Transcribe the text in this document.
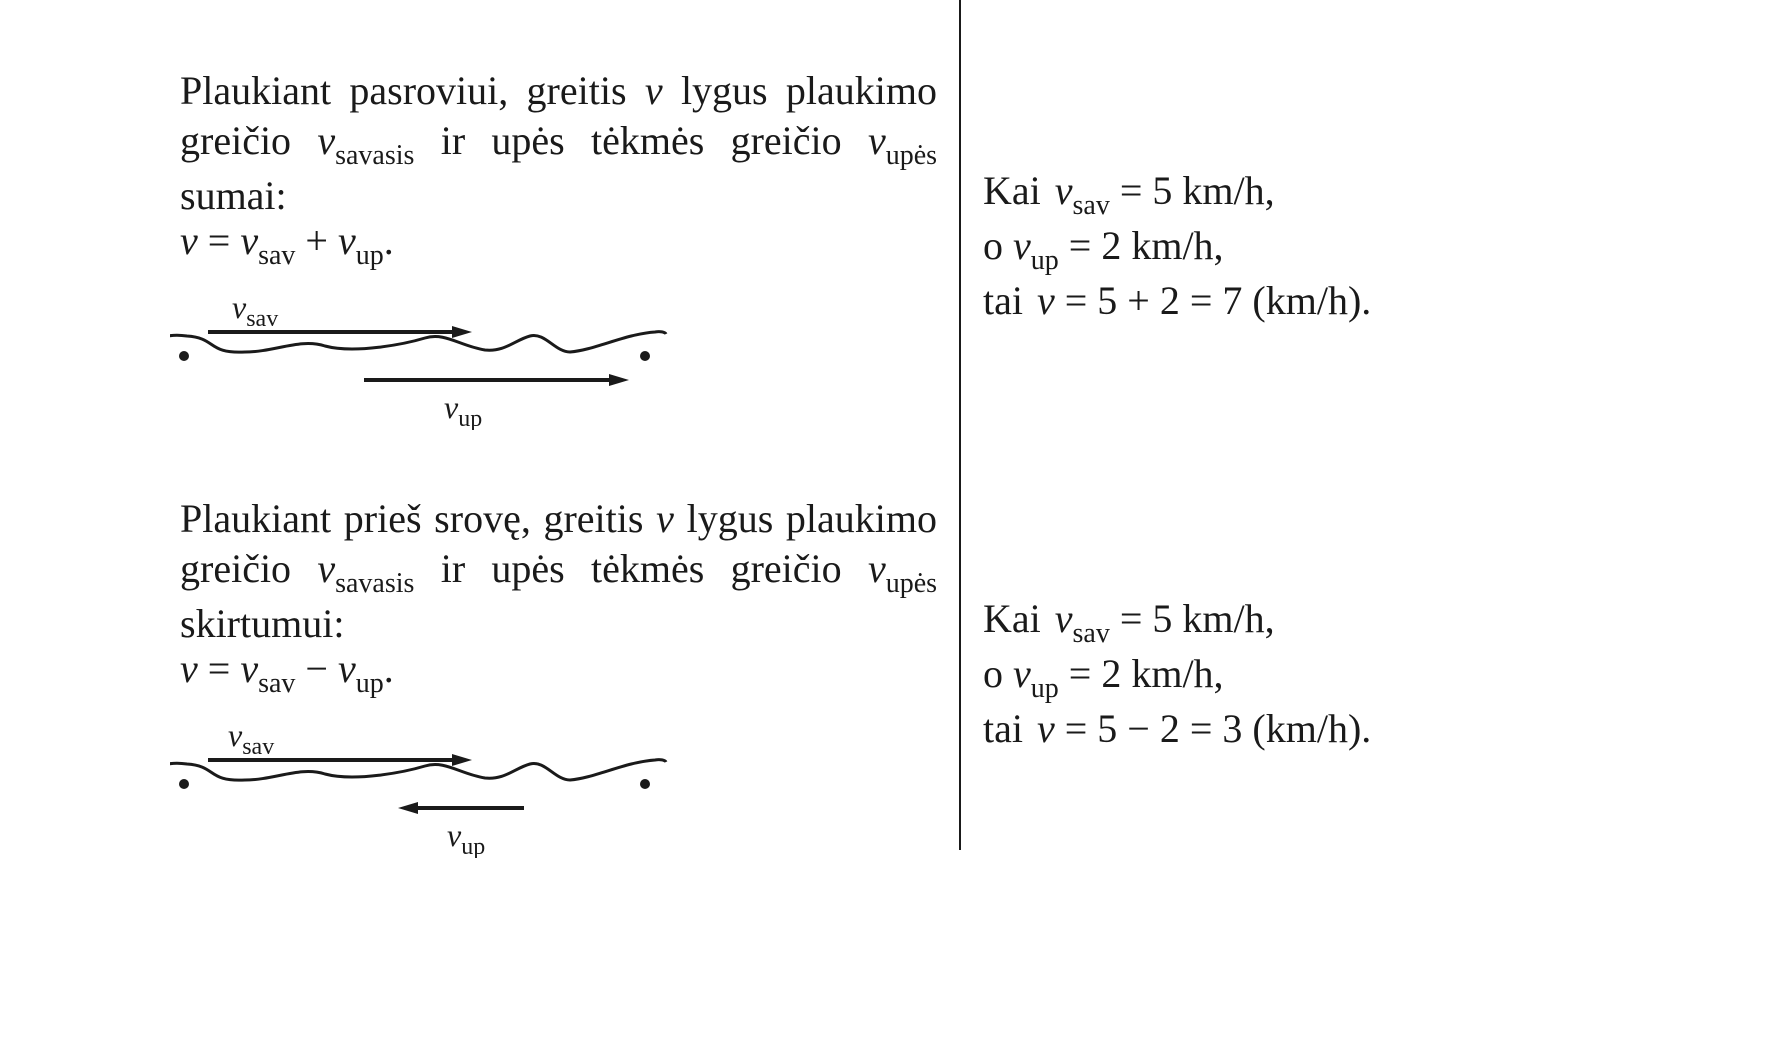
Plaukiant pasroviui, greitis v lygus plaukimo greičio $v_{savasis}$ ir upės tėkmės greičio $v_{upės}$ sumai:

$v = v_{sav} + v_{up}$.

$v_{sav}$
$v_{up}$
Kai $v_{sav} = 5$ km/h,
o $v_{up} = 2$ km/h,
tai v = 5 + 2 = 7 (km/h).

Plaukiant prieš srovę, greitis v lygus plaukimo greičio $v_{savasis}$ ir upės tėkmės greičio $v_{upės}$ skirtumui:

$v = v_{sav} - v_{up}$.

$v_{sav}$
$v_{up}$
Kai $v_{sav} = 5$ km/h,
o $v_{up} = 2$ km/h,
tai v = 5 − 2 = 3 (km/h).
